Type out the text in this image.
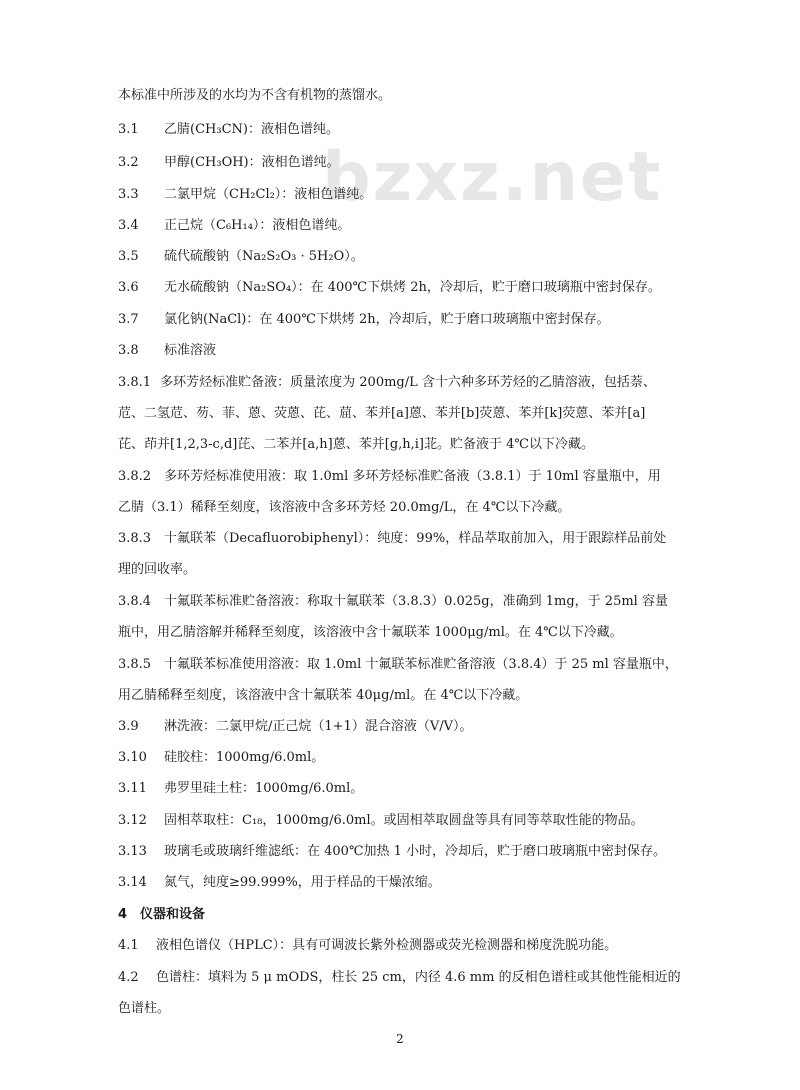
bzxz.net
本标准中所涉及的水均为不含有机物的蒸馏水。
3.1 乙腈(CH₃CN)：液相色谱纯。
3.2 甲醇(CH₃OH)：液相色谱纯。
3.3 二氯甲烷（CH₂Cl₂）：液相色谱纯。
3.4 正己烷（C₆H₁₄）：液相色谱纯。
3.5 硫代硫酸钠（Na₂S₂O₃ · 5H₂O）。
3.6 无水硫酸钠（Na₂SO₄）：在 400℃下烘烤 2h，冷却后，贮于磨口玻璃瓶中密封保存。
3.7 氯化钠(NaCl)：在 400℃下烘烤 2h，冷却后，贮于磨口玻璃瓶中密封保存。
3.8 标准溶液
3.8.1 多环芳烃标准贮备液：质量浓度为 200mg/L 含十六种多环芳烃的乙腈溶液，包括萘、
苊、二氢苊、芴、菲、蒽、荧蒽、芘、䓛、苯并[a]蒽、苯并[b]荧蒽、苯并[k]荧蒽、苯并[a]
芘、茚并[1,2,3-c,d]芘、二苯并[a,h]蒽、苯并[g,h,i]苝。贮备液于 4℃以下冷藏。
3.8.2 多环芳烃标准使用液：取 1.0ml 多环芳烃标准贮备液（3.8.1）于 10ml 容量瓶中，用
乙腈（3.1）稀释至刻度，该溶液中含多环芳烃 20.0mg/L，在 4℃以下冷藏。
3.8.3 十氟联苯（Decafluorobiphenyl）：纯度：99%，样品萃取前加入，用于跟踪样品前处
理的回收率。
3.8.4 十氟联苯标准贮备溶液：称取十氟联苯（3.8.3）0.025g，准确到 1mg，于 25ml 容量
瓶中，用乙腈溶解并稀释至刻度，该溶液中含十氟联苯 1000μg/ml。在 4℃以下冷藏。
3.8.5 十氟联苯标准使用溶液：取 1.0ml 十氟联苯标准贮备溶液（3.8.4）于 25 ml 容量瓶中，
用乙腈稀释至刻度，该溶液中含十氟联苯 40μg/ml。在 4℃以下冷藏。
3.9 淋洗液：二氯甲烷/正己烷（1+1）混合溶液（V/V）。
3.10 硅胶柱：1000mg/6.0ml。
3.11 弗罗里硅土柱：1000mg/6.0ml。
3.12 固相萃取柱：C₁₈，1000mg/6.0ml。或固相萃取圆盘等具有同等萃取性能的物品。
3.13 玻璃毛或玻璃纤维滤纸：在 400℃加热 1 小时，冷却后，贮于磨口玻璃瓶中密封保存。
3.14 氮气，纯度≥99.999%，用于样品的干燥浓缩。
4 仪器和设备
4.1 液相色谱仪（HPLC）：具有可调波长紫外检测器或荧光检测器和梯度洗脱功能。
4.2 色谱柱：填料为 5 μ mODS，柱长 25 cm，内径 4.6 mm 的反相色谱柱或其他性能相近的
色谱柱。
2
